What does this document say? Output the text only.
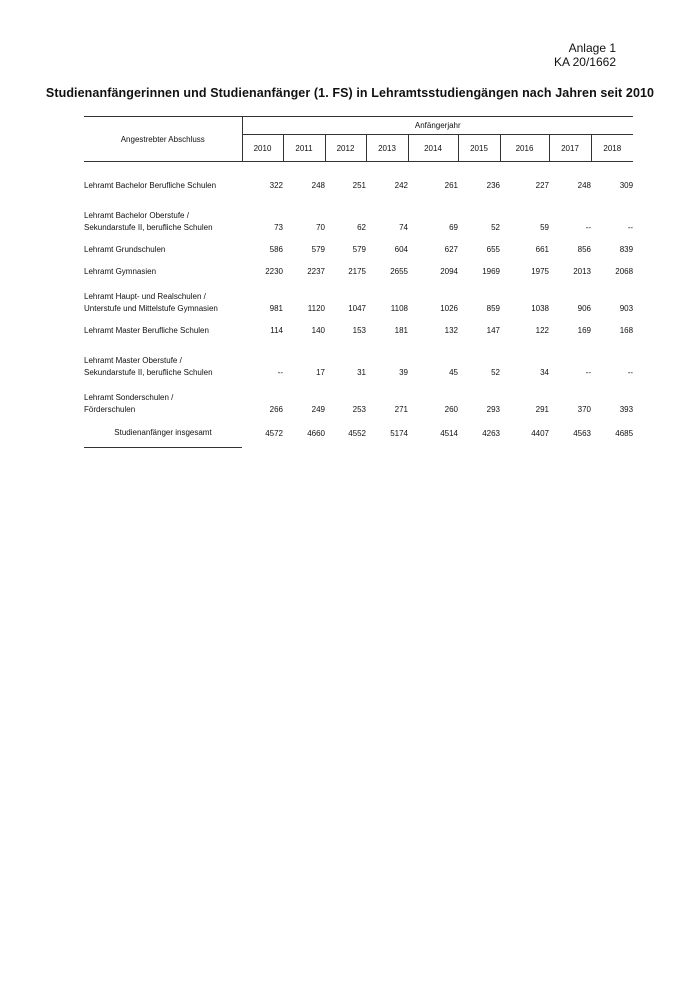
Anlage 1
KA 20/1662
Studienanfängerinnen und Studienanfänger (1. FS) in Lehramtsstudiengängen nach Jahren seit 2010
Angestrebter Abschluss	Anfängerjahr								
	2010	2011	2012	2013	2014	2015	2016	2017	2018
Lehramt Bachelor Berufliche Schulen	322	248	251	242	261	236	227	248	309
Lehramt Bachelor Oberstufe /
Sekundarstufe II, berufliche Schulen	73	70	62	74	69	52	59	--	--
Lehramt Grundschulen	586	579	579	604	627	655	661	856	839
Lehramt Gymnasien	2230	2237	2175	2655	2094	1969	1975	2013	2068
Lehramt Haupt- und Realschulen /
Unterstufe und Mittelstufe Gymnasien	981	1120	1047	1108	1026	859	1038	906	903
Lehramt Master Berufliche Schulen	114	140	153	181	132	147	122	169	168
Lehramt Master Oberstufe /
Sekundarstufe II, berufliche Schulen	--	17	31	39	45	52	34	--	--
Lehramt Sonderschulen /
Förderschulen	266	249	253	271	260	293	291	370	393
Studienanfänger insgesamt	4572	4660	4552	5174	4514	4263	4407	4563	4685
